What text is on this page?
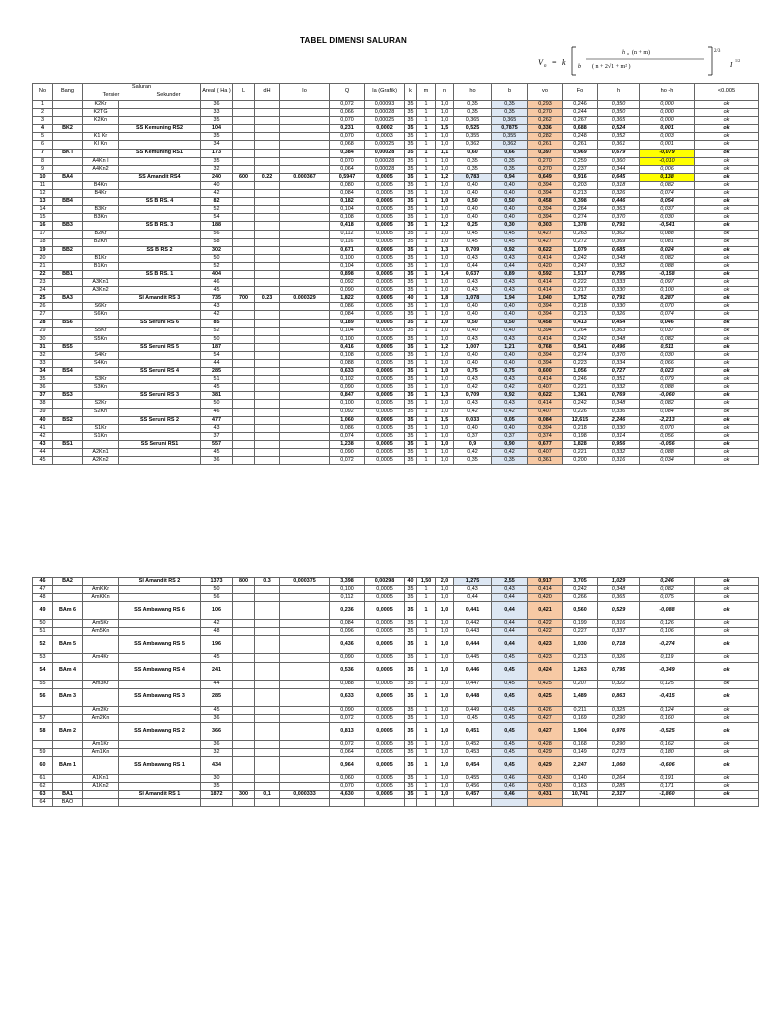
TABEL DIMENSI SALURAN
V n = k
h o (n + m)
b ( n + 2√1 + m² )
2/3
I
1/2
No	Bang	Saluran
Tersier Sekunder		Areal ( Ha )	L	dH	Io	Q	Ia (Grafik)	k	m	n	ho	b	vo	Fo	h	ho -h	<0.005
1		K2Kr		36				0,072	0,00093	35	1	1,0	0,35	0,35	0,293	0,246	0,350	0,000	ok
2		K2TG		33				0,066	0,00028	35	1	1,0	0,35	0,35	0,270	0,244	0,350	0,000	ok
3		K2Kn		35				0,070	0,00025	35	1	1,0	0,365	0,365	0,262	0,267	0,365	0,000	ok
4	BK2		SS Kemuning RS2	104				0,231	0,0002	35	1	1,5	0,525	0,7875	0,336	0,688	0,524	0,001	ok
5		K1 Kr		35				0,070	0,0003	35	1	1,0	0,355	0,355	0,282	0,248	0,352	0,003	ok
6		KI Kn		34				0,068	0,00025	35	1	1,0	0,362	0,362	0,261	0,261	0,361	0,001	ok
7	BK I		SS Kemuning RS1	173				0,384	0,00028	35	1	1,1	0,60	0,66	0,397	0,969	0,679	-0,079	ok
8		A4Kn I		35				0,070	0,00028	35	1	1,0	0,35	0,35	0,270	0,259	0,360	-0,010	ok
9		A4Kn2		32				0,064	0,00028	35	1	1,0	0,35	0,35	0,270	0,237	0,344	0,006	ok
10	BA4		SS Amandit RS4	240	600	0.22	0.000367	0,5947	0,0005	35	1	1,2	0,783	0,94	0,649	0,916	0,645	0,138	ok
11		B4Kn		40				0,080	0,0005	35	1	1,0	0,40	0,40	0,394	0,203	0,318	0,082	ok
12		B4Kr		42				0,084	0,0005	35	1	1,0	0,40	0,40	0,394	0,213	0,326	0,074	ok
13	BB4		SS B RS. 4	82				0,182	0,0005	35	1	1,0	0,50	0,50	0,458	0,398	0,446	0,054	ok
14		B3Kr		52				0,104	0,0005	35	1	1,0	0,40	0,40	0,394	0,264	0,363	0,037	ok
15		B3Kn		54				0,108	0,0005	35	1	1,0	0,40	0,40	0,394	0,274	0,370	0,030	ok
16	BB3		SS B RS. 3	188				0,418	0,0005	35	1	1,2	0,25	0,30	0,303	1,378	0,791	-0,541	ok
17		B2Kr		56				0,112	0,0005	35	1	1,0	0,45	0,45	0,427	0,263	0,362	0,088	ok
18		B2Kn		58				0,116	0,0005	35	1	1,0	0,45	0,45	0,427	0,272	0,369	0,081	ok
19	BB2		SS B RS 2	302				0,671	0,0005	35	1	1,3	0,709	0,92	0,622	1,079	0,685	0,024	ok
20		B1Kr		50				0,100	0,0005	35	1	1,0	0,43	0,43	0,414	0,242	0,348	0,082	ok
21		B1Kn		52				0,104	0,0005	35	1	1,0	0,44	0,44	0,420	0,247	0,352	0,088	ok
22	BB1		SS B RS. 1	404				0,898	0,0005	35	1	1,4	0,637	0,89	0,592	1,517	0,795	-0,158	ok
23		A3Kn1		46				0,092	0,0005	35	1	1,0	0,43	0,43	0,414	0,222	0,333	0,097	ok
24		A3Kn2		45				0,090	0,0005	35	1	1,0	0,43	0,43	0,414	0,217	0,330	0,100	ok
25	BA3		SI Amandit RS 3	735	700	0.23	0.000329	1,822	0,0005	40	1	1,8	1,078	1,94	1,040	1,752	0,791	0,287	ok
26		S6Kr		43				0,086	0,0005	35	1	1,0	0,40	0,40	0,394	0,218	0,330	0,070	ok
27		S6Kn		42				0,084	0,0005	35	1	1,0	0,40	0,40	0,394	0,213	0,326	0,074	ok
28	BS6		SS Seruni RS 6	85				0,189	0,0005	35	1	1,0	0,50	0,50	0,458	0,413	0,454	0,046	ok
29		S5Kr		52				0,104	0,0005	35	1	1,0	0,40	0,40	0,394	0,264	0,363	0,037	ok
30		S5Kn		50				0,100	0,0005	35	1	1,0	0,43	0,43	0,414	0,242	0,348	0,082	ok
31	BS5		SS Seruni RS 5	187				0,416	0,0005	35	1	1,2	1,007	1,21	0,768	0,541	0,496	0,511	ok
32		S4Kr		54				0,108	0,0005	35	1	1,0	0,40	0,40	0,394	0,274	0,370	0,030	ok
33		S4Kn		44				0,088	0,0005	35	1	1,0	0,40	0,40	0,394	0,223	0,334	0,066	ok
34	BS4		SS Seruni RS 4	285				0,633	0,0005	35	1	1,0	0,75	0,75	0,600	1,056	0,727	0,023	ok
35		S3Kr		51				0,102	0,0005	35	1	1,0	0,43	0,43	0,414	0,246	0,351	0,079	ok
36		S3Kn		45				0,090	0,0005	35	1	1,0	0,42	0,42	0,407	0,221	0,332	0,088	ok
37	BS3		SS Seruni RS 3	381				0,847	0,0005	35	1	1,3	0,709	0,92	0,622	1,361	0,769	-0,060	ok
38		S2Kr		50				0,100	0,0005	35	1	1,0	0,43	0,43	0,414	0,242	0,348	0,082	ok
39		S2Kn		46				0,092	0,0005	35	1	1,0	0,42	0,42	0,407	0,226	0,336	0,084	ok
40	BS2		SS Seruni RS 2	477				1,060	0,0005	35	1	1,5	0,033	0,05	0,084	12,615	2,246	-2,213	ok
41		S1Kr		43				0,086	0,0005	35	1	1,0	0,40	0,40	0,394	0,218	0,330	0,070	ok
42		S1Kn		37				0,074	0,0005	35	1	1,0	0,37	0,37	0,374	0,198	0,314	0,056	ok
43	BS1		SS Seruni RS1	557				1,238	0,0005	35	1	1,0	0,9	0,90	0,677	1,828	0,956	-0,056	ok
44		A2Kn1		45				0,090	0,0005	35	1	1,0	0,42	0,42	0,407	0,221	0,332	0,088	ok
45		A2Kn2		36				0,072	0,0005	35	1	1,0	0,35	0,35	0,361	0,200	0,316	0,034	ok
46	BA2		SI Amandit RS 2	1373	800	0.3	0,000375	3,398	0,00298	40	1,50	2,0	1,275	2,55	0,917	3,705	1,029	0,246	ok
47		AmKKr		50				0,100	0,0005	35	1	1,0	0,43	0,43	0,414	0,242	0,348	0,082	ok
48		AmKKn		56				0,112	0,0005	35	1	1,0	0,44	0,44	0,420	0,266	0,365	0,075	ok
49	BAm 6		SS Ambawang RS 6	106				0,236	0,0005	35	1	1,0	0,441	0,44	0,421	0,560	0,529	-0,088	ok
50		Am5Kr		42				0,084	0,0005	35	1	1,0	0,442	0,44	0,422	0,199	0,316	0,126	ok
51		Am5Kn		48				0,096	0,0005	35	1	1,0	0,443	0,44	0,422	0,227	0,337	0,106	ok
52	BAm 5		SS Ambawang RS 5	196				0,436	0,0005	35	1	1,0	0,444	0,44	0,423	1,030	0,718	-0,274	ok
53		Am4Kr		45				0,090	0,0005	35	1	1,0	0,445	0,45	0,423	0,213	0,326	0,119	ok
54	BAm 4		SS Ambawang RS 4	241				0,536	0,0005	35	1	1,0	0,446	0,45	0,424	1,263	0,795	-0,349	ok
55		Am3Kr		44				0,088	0,0005	35	1	1,0	0,447	0,45	0,425	0,207	0,322	0,125	ok
56	BAm 3		SS Ambawang RS 3	285				0,633	0,0005	35	1	1,0	0,448	0,45	0,425	1,489	0,863	-0,415	ok
		Am2Kr		45				0,090	0,0005	35	1	1,0	0,449	0,45	0,426	0,211	0,325	0,124	ok
57		Am2Kn		36				0,072	0,0005	35	1	1,0	0,45	0,45	0,427	0,169	0,290	0,160	ok
58	BAm 2		SS Ambawang RS 2	366				0,813	0,0005	35	1	1,0	0,451	0,45	0,427	1,904	0,976	-0,525	ok
		Am1Kr		36				0,072	0,0005	35	1	1,0	0,452	0,45	0,428	0,168	0,290	0,162	ok
59		Am1Kn		32				0,064	0,0005	35	1	1,0	0,453	0,45	0,429	0,149	0,273	0,180	ok
60	BAm 1		SS Ambawang RS 1	434				0,964	0,0005	35	1	1,0	0,454	0,45	0,429	2,247	1,060	-0,606	ok
61		A1Kn1		30				0,060	0,0005	35	1	1,0	0,455	0,46	0,430	0,140	0,264	0,191	ok
62		A1Kn2		35				0,070	0,0005	35	1	1,0	0,456	0,46	0,430	0,163	0,285	0,171	ok
63	BA1		SI Amandit RS 1	1872	300	0,1	0,000333	4,630	0,0005	35	1	1,0	0,457	0,46	0,431	10,741	2,317	-1,860	ok
64	BAO																		
